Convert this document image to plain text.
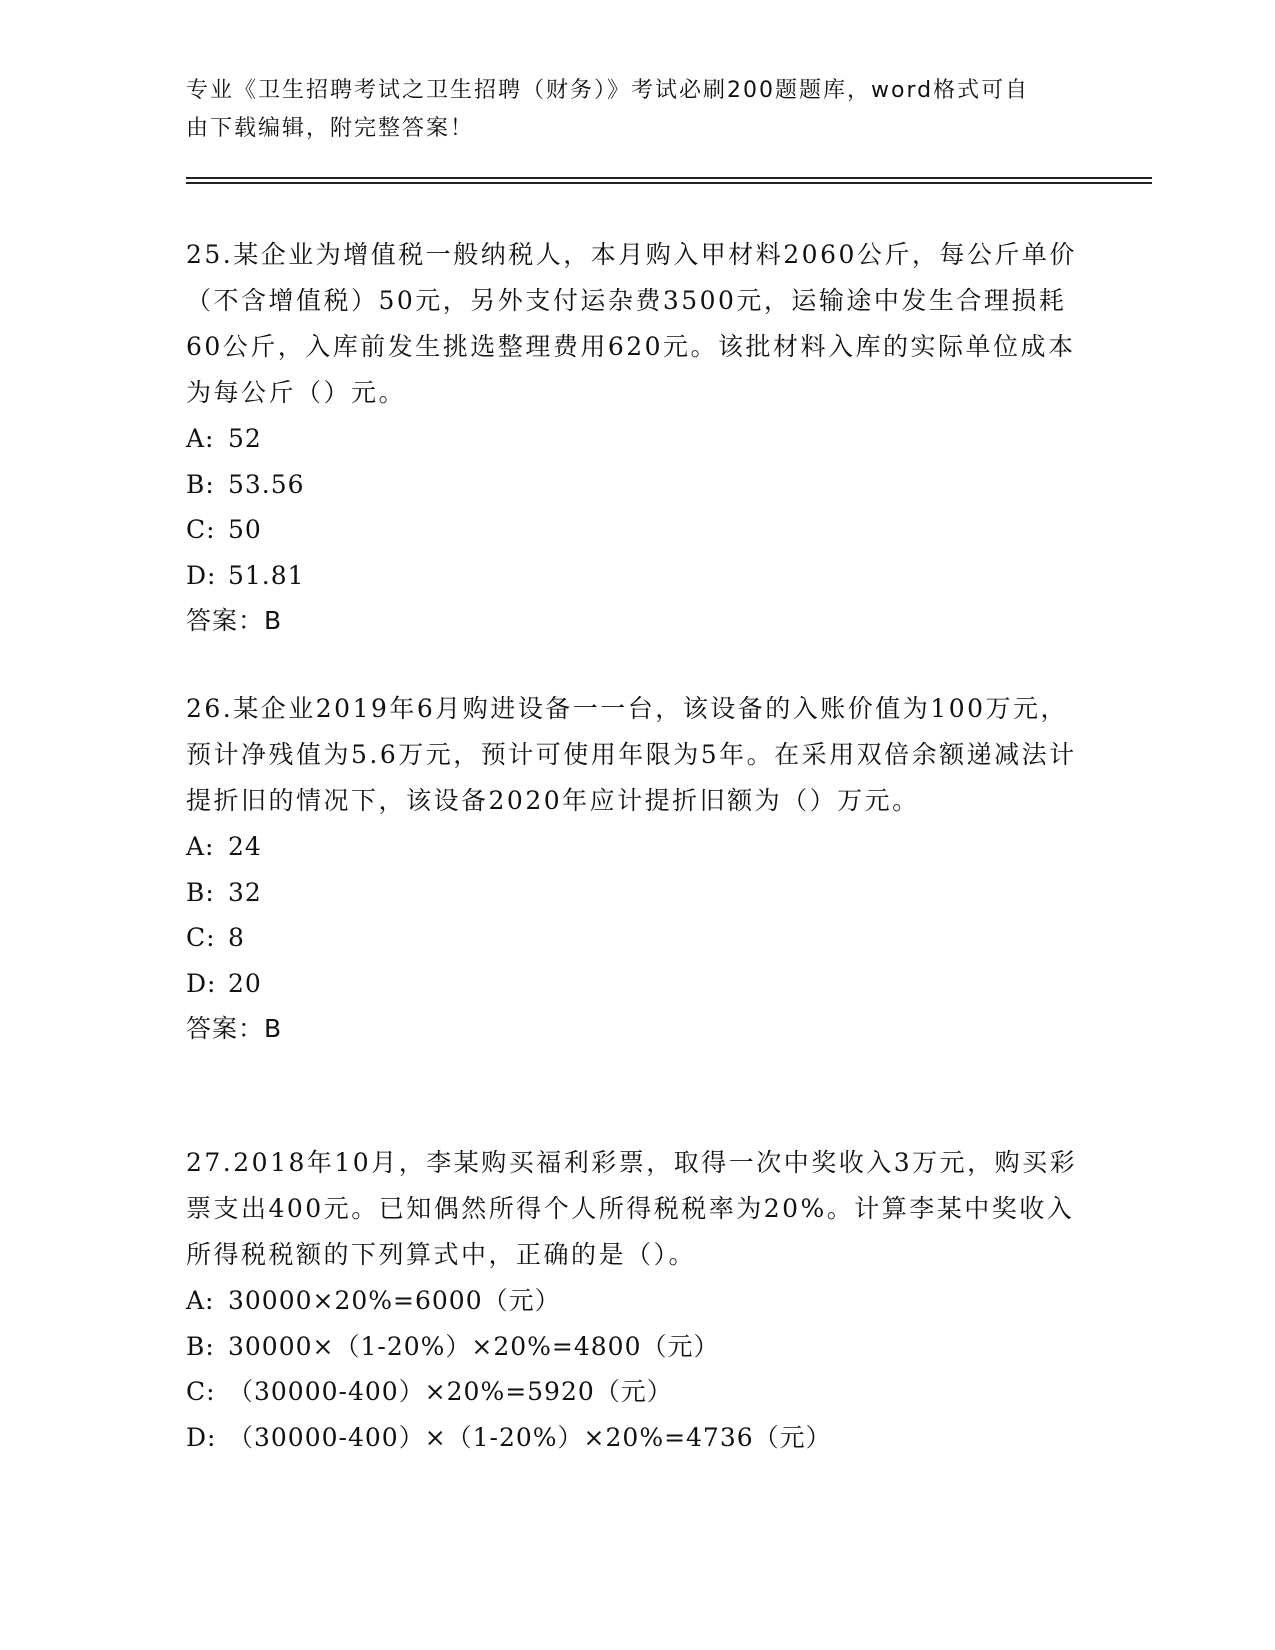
专业《卫生招聘考试之卫生招聘（财务）》考试必刷200题题库，word格式可自
由下载编辑，附完整答案！

25.某企业为增值税一般纳税人，本月购入甲材料2060公斤，每公斤单价（不含增值税）50元，另外支付运杂费3500元，运输途中发生合理损耗60公斤，入库前发生挑选整理费用620元。该批材料入库的实际单位成本为每公斤（）元。

A: 52

B: 53.56

C: 50

D: 51.81

答案：B

26.某企业2019年6月购进设备一一台，该设备的入账价值为100万元，预计净残值为5.6万元，预计可使用年限为5年。在采用双倍余额递减法计提折旧的情况下，该设备2020年应计提折旧额为（）万元。

A: 24

B: 32

C: 8

D: 20

答案：B

27.2018年10月，李某购买福利彩票，取得一次中奖收入3万元，购买彩票支出400元。已知偶然所得个人所得税税率为20%。计算李某中奖收入所得税税额的下列算式中，正确的是（）。

A: 30000×20%=6000（元）

B: 30000×（1-20%）×20%=4800（元）

C: （30000-400）×20%=5920（元）

D: （30000-400）×（1-20%）×20%=4736（元）
